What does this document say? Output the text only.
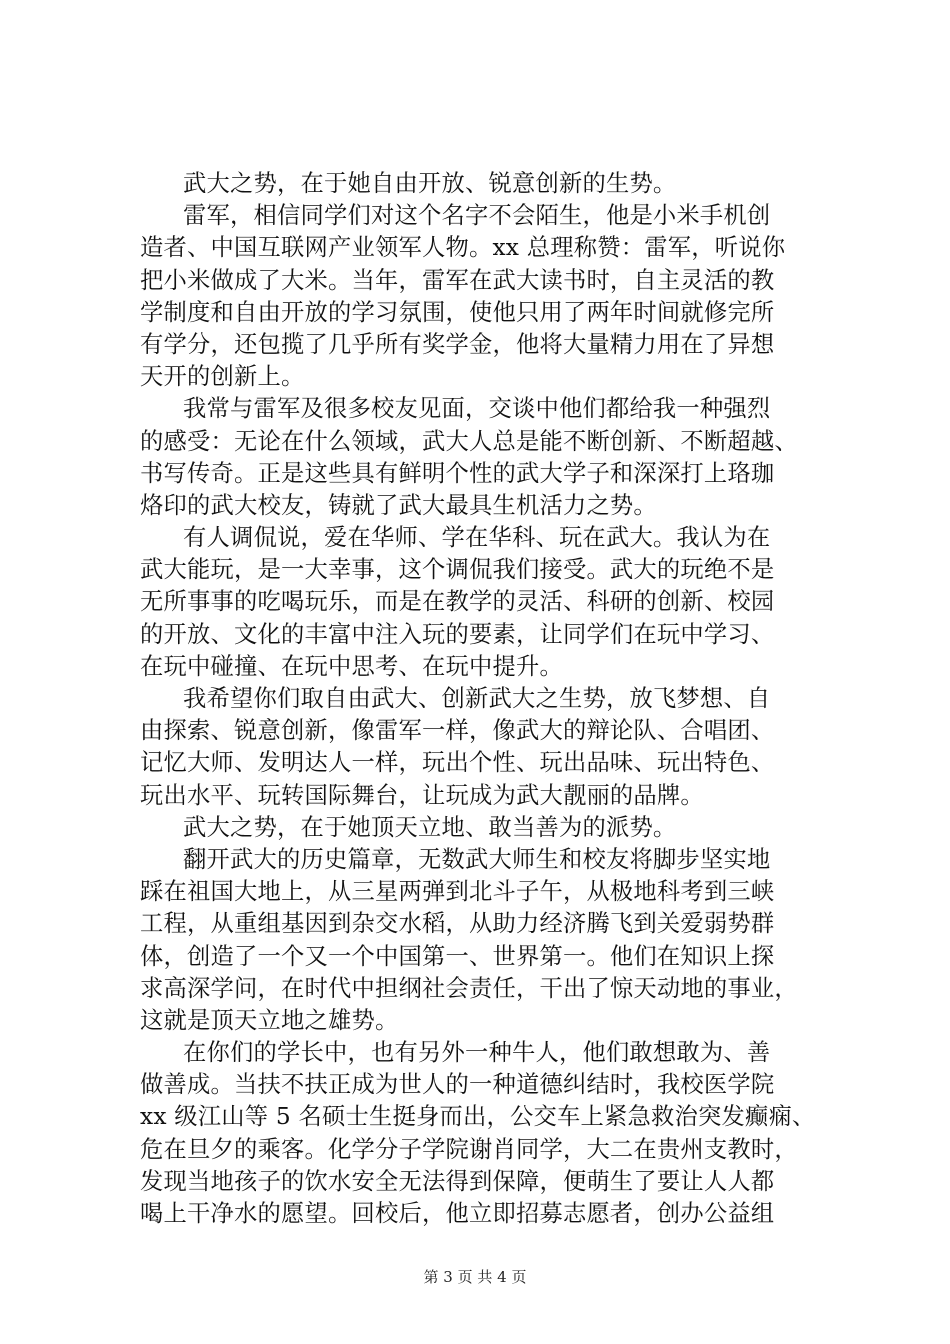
武大之势，在于她自由开放、锐意创新的生势。
雷军，相信同学们对这个名字不会陌生，他是小米手机创
造者、中国互联网产业领军人物。xx 总理称赞：雷军，听说你
把小米做成了大米。当年，雷军在武大读书时，自主灵活的教
学制度和自由开放的学习氛围，使他只用了两年时间就修完所
有学分，还包揽了几乎所有奖学金，他将大量精力用在了异想
天开的创新上。
我常与雷军及很多校友见面，交谈中他们都给我一种强烈
的感受：无论在什么领域，武大人总是能不断创新、不断超越、
书写传奇。正是这些具有鲜明个性的武大学子和深深打上珞珈
烙印的武大校友，铸就了武大最具生机活力之势。
有人调侃说，爱在华师、学在华科、玩在武大。我认为在
武大能玩，是一大幸事，这个调侃我们接受。武大的玩绝不是
无所事事的吃喝玩乐，而是在教学的灵活、科研的创新、校园
的开放、文化的丰富中注入玩的要素，让同学们在玩中学习、
在玩中碰撞、在玩中思考、在玩中提升。
我希望你们取自由武大、创新武大之生势，放飞梦想、自
由探索、锐意创新，像雷军一样，像武大的辩论队、合唱团、
记忆大师、发明达人一样，玩出个性、玩出品味、玩出特色、
玩出水平、玩转国际舞台，让玩成为武大靓丽的品牌。
武大之势，在于她顶天立地、敢当善为的派势。
翻开武大的历史篇章，无数武大师生和校友将脚步坚实地
踩在祖国大地上，从三星两弹到北斗子午，从极地科考到三峡
工程，从重组基因到杂交水稻，从助力经济腾飞到关爱弱势群
体，创造了一个又一个中国第一、世界第一。他们在知识上探
求高深学问，在时代中担纲社会责任，干出了惊天动地的事业，
这就是顶天立地之雄势。
在你们的学长中，也有另外一种牛人，他们敢想敢为、善
做善成。当扶不扶正成为世人的一种道德纠结时，我校医学院
xx 级江山等 5 名硕士生挺身而出，公交车上紧急救治突发癫痫、
危在旦夕的乘客。化学分子学院谢肖同学，大二在贵州支教时，
发现当地孩子的饮水安全无法得到保障，便萌生了要让人人都
喝上干净水的愿望。回校后，他立即招募志愿者，创办公益组
第 3 页 共 4 页
